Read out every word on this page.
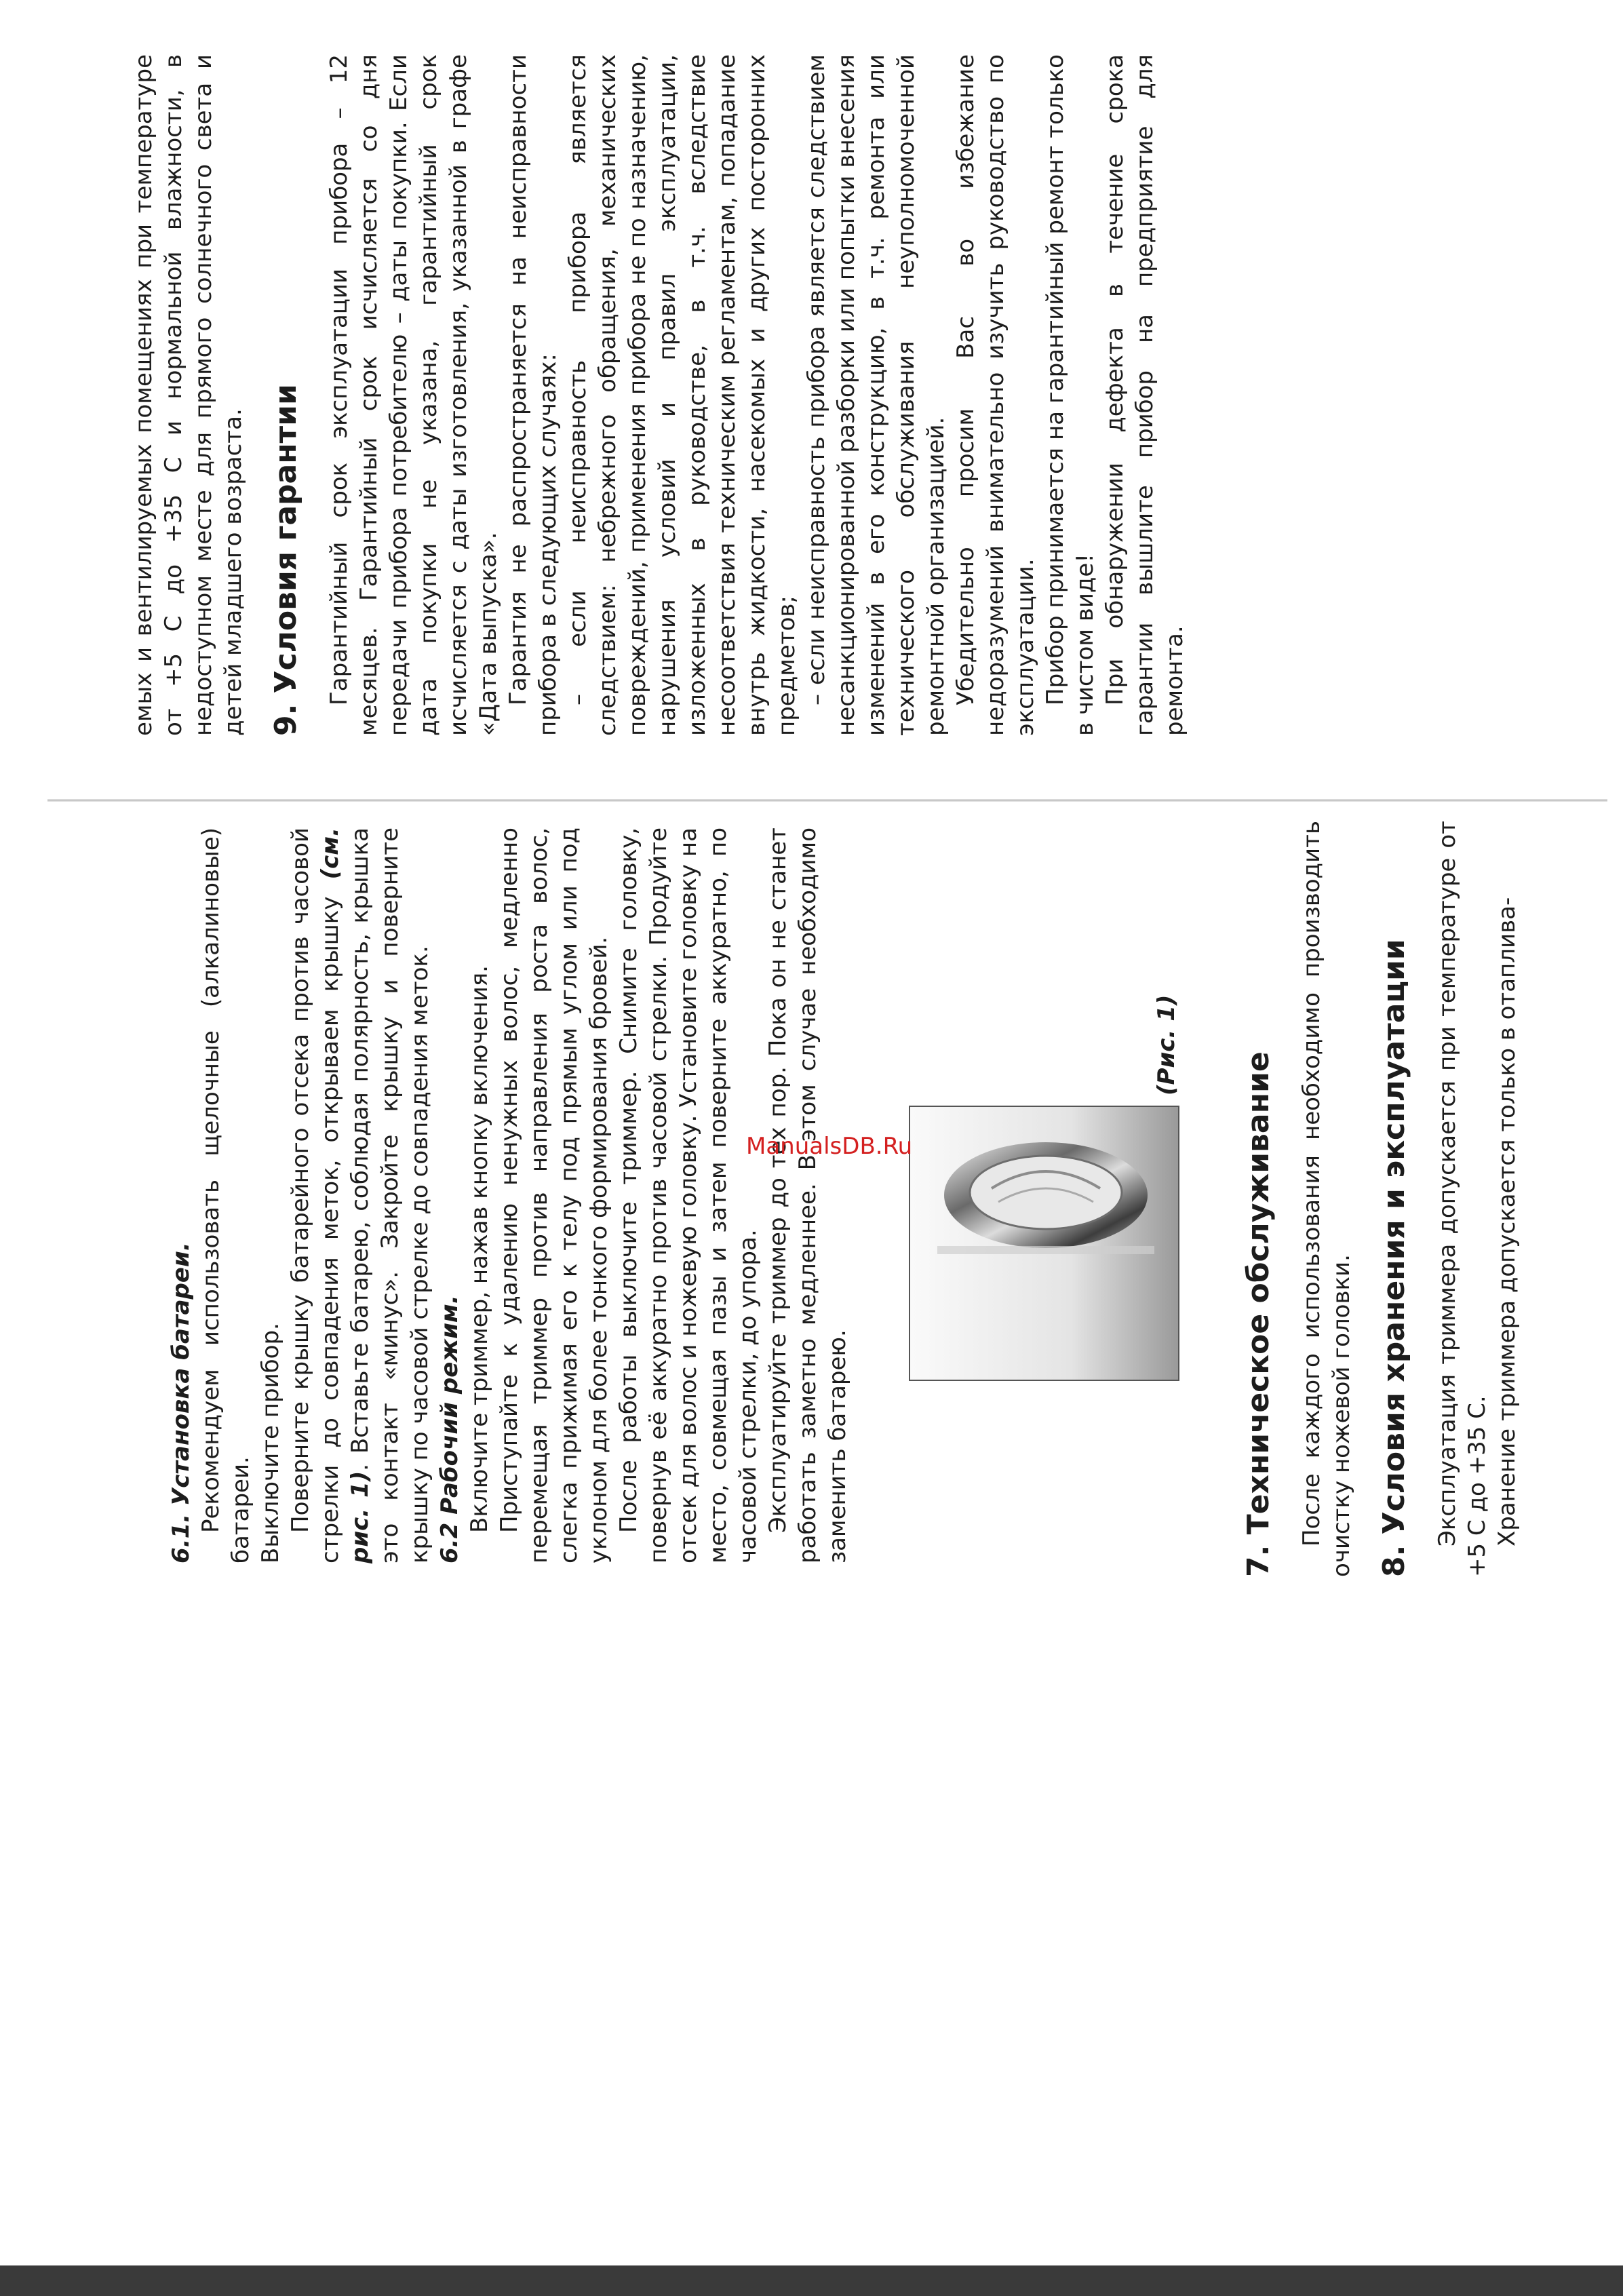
емых и вентилируемых помещениях при температуре от +5 С до +35 С и нормальной влажности, в недоступном месте для прямого солнечного света и детей младшего возраста. 9. Условия гарантии Гарантийный срок эксплуатации прибора – 12 месяцев. Гарантийный срок исчисляется со дня передачи прибора потребителю – даты покупки. Если дата покупки не указана, гарантийный срок исчисляется с даты изготовления, указанной в графе «Дата выпуска». Гарантия не распространяется на неисправности прибора в следующих случаях: – если неисправность прибора является следствием: небрежного обращения, механических повреждений, применения прибора не по назначению, нарушения условий и правил эксплуатации, изложенных в руководстве, в т.ч. вследствие несоответствия техническим регламентам, попадание внутрь жидкости, насекомых и других посторонних предметов; – если неисправность прибора является следствием несанкционированной разборки или попытки внесения изменений в его конструкцию, в т.ч. ремонта или технического обслуживания неуполномоченной ремонтной организацией. Убедительно просим Вас во избежание недоразумений внимательно изучить руководство по эксплуатации. Прибор принимается на гарантийный ремонт только в чистом виде! При обнаружении дефекта в течение срока гарантии вышлите прибор на предприятие для ремонта.

6.1. Установка батареи. Рекомендуем использовать щелочные (алкалиновые) батареи. Выключите прибор. Поверните крышку батарейного отсека против часовой стрелки до совпадения меток, открываем крышку (см. рис. 1). Вставьте батарею, соблюдая полярность, крышка это контакт «минус». Закройте крышку и поверните крышку по часовой стрелке до совпадения меток. 6.2 Рабочий режим. Включите триммер, нажав кнопку включения. Приступайте к удалению ненужных волос, медленно перемещая триммер против направления роста волос, слегка прижимая его к телу под прямым углом или под уклоном для более тонкого формирования бровей. После работы выключите триммер. Снимите головку, повернув её аккуратно против часовой стрелки. Продуйте отсек для волос и ножевую головку. Установите головку на место, совмещая пазы и затем поверните аккуратно, по часовой стрелки, до упора. Эксплуатируйте триммер до тех пор. Пока он не станет работать заметно медленнее. В этом случае необходимо заменить батарею.

(Рис. 1)
ManualsDB.Ru	7. Техническое обслуживание После каждого использования необходимо производить очистку ножевой головки. 8. Условия хранения и эксплуатации Эксплуатация триммера допускается при температуре от +5 С до +35 С. Хранение триммера допускается только в отаплива-
